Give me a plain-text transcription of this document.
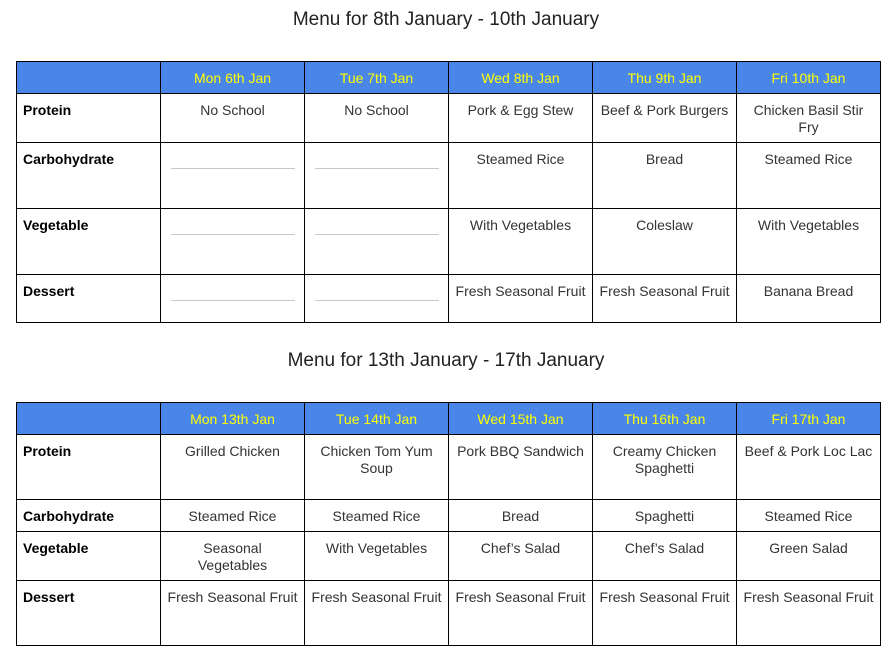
Menu for 8th January - 10th January
	Mon 6th Jan	Tue 7th Jan	Wed 8th Jan	Thu 9th Jan	Fri 10th Jan
Protein	No School	No School	Pork & Egg Stew	Beef & Pork Burgers	Chicken Basil Stir Fry
Carbohydrate			Steamed Rice	Bread	Steamed Rice
Vegetable			With Vegetables	Coleslaw	With Vegetables
Dessert			Fresh Seasonal Fruit	Fresh Seasonal Fruit	Banana Bread
Menu for 13th January - 17th January
	Mon 13th Jan	Tue 14th Jan	Wed 15th Jan	Thu 16th Jan	Fri 17th Jan
Protein	Grilled Chicken	Chicken Tom Yum Soup	Pork BBQ Sandwich	Creamy Chicken Spaghetti	Beef & Pork Loc Lac
Carbohydrate	Steamed Rice	Steamed Rice	Bread	Spaghetti	Steamed Rice
Vegetable	Seasonal Vegetables	With Vegetables	Chef’s Salad	Chef’s Salad	Green Salad
Dessert	Fresh Seasonal Fruit	Fresh Seasonal Fruit	Fresh Seasonal Fruit	Fresh Seasonal Fruit	Fresh Seasonal Fruit
